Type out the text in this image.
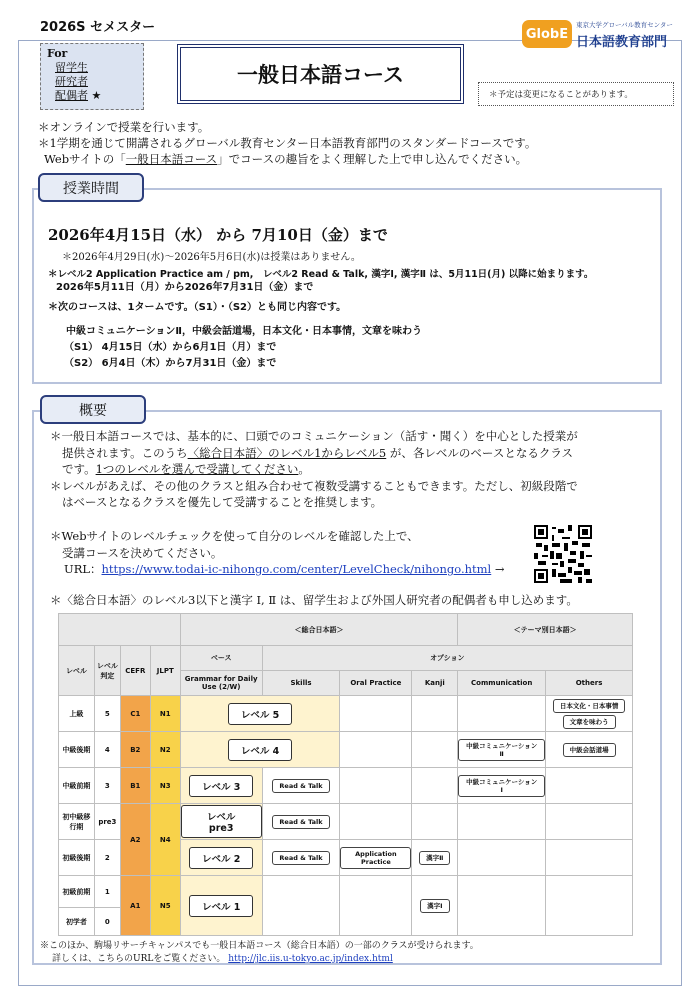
2026S セメスター
For
留学生
研究者
配偶者 ★
一般日本語コース
＊予定は変更になることがあります。
GlobE
東京大学グローバル教育センター
日本語教育部門
＊オンラインで授業を行います。
＊1学期を通じて開講されるグローバル教育センター日本語教育部門のスタンダードコースです。
Webサイトの「一般日本語コース」でコースの趣旨をよく理解した上で申し込んでください。
授業時間
2026年4月15日（水） から 7月10日（金）まで
＊2026年4月29日(水)～2026年5月6日(水)は授業はありません。
＊レベル2 Application Practice am / pm,　レベル2 Read & Talk, 漢字Ⅰ, 漢字Ⅱ は、5月11日(月) 以降に始まります。
2026年5月11日（月）から2026年7月31日（金）まで
＊次のコースは、1タームです。（S1）・（S2）とも同じ内容です。
中級コミュニケーションⅡ，中級会話道場，日本文化・日本事情，文章を味わう
（S1） 4月15日（水）から6月1日（月）まで
（S2） 6月4日（木）から7月31日（金）まで
概要
＊一般日本語コースでは、基本的に、口頭でのコミュニケーション（話す・聞く）を中心とした授業が
提供されます。このうち〈総合日本語〉のレベル1からレベル5 が、各レベルのベースとなるクラス
です。1つのレベルを選んで受講してください。
＊レベルがあえば、その他のクラスと組み合わせて複数受講することもできます。ただし、初級段階で
はベースとなるクラスを優先して受講することを推奨します。
＊Webサイトのレベルチェックを使って自分のレベルを確認した上で、
受講コースを決めてください。
URL：https://www.todai-ic-nihongo.com/center/LevelCheck/nihongo.html →
＊〈総合日本語〉のレベル3以下と漢字 Ⅰ, Ⅱ は、留学生および外国人研究者の配偶者も申し込めます。
				＜総合日本語＞				＜テーマ別日本語＞	
レベル	レベル判定	CEFR	JLPT	ベース	オプション				
				Grammar for Daily Use (2/W)	Skills	Oral Practice	Kanji	Communication	Others
上級	5	C1	N1	レベル 5					日本文化・日本事情
文章を味わう
中級後期	4	B2	N2	レベル 4				中級コミュニケーションⅡ	中級会話道場
中級前期	3	B1	N3	レベル 3	Read & Talk			中級コミュニケーションⅠ	
初中級移行期	pre3	A2	N4	レベル pre3	Read & Talk				
初級後期	2			レベル 2	Read & Talk	Application Practice	漢字Ⅱ		
初級前期	1	A1	N5	レベル 1			漢字Ⅰ		
初学者	0								
※このほか、駒場リサーチキャンパスでも一般日本語コース（総合日本語）の一部のクラスが受けられます。
詳しくは、こちらのURLをご覧ください。 http://jlc.iis.u-tokyo.ac.jp/index.html
